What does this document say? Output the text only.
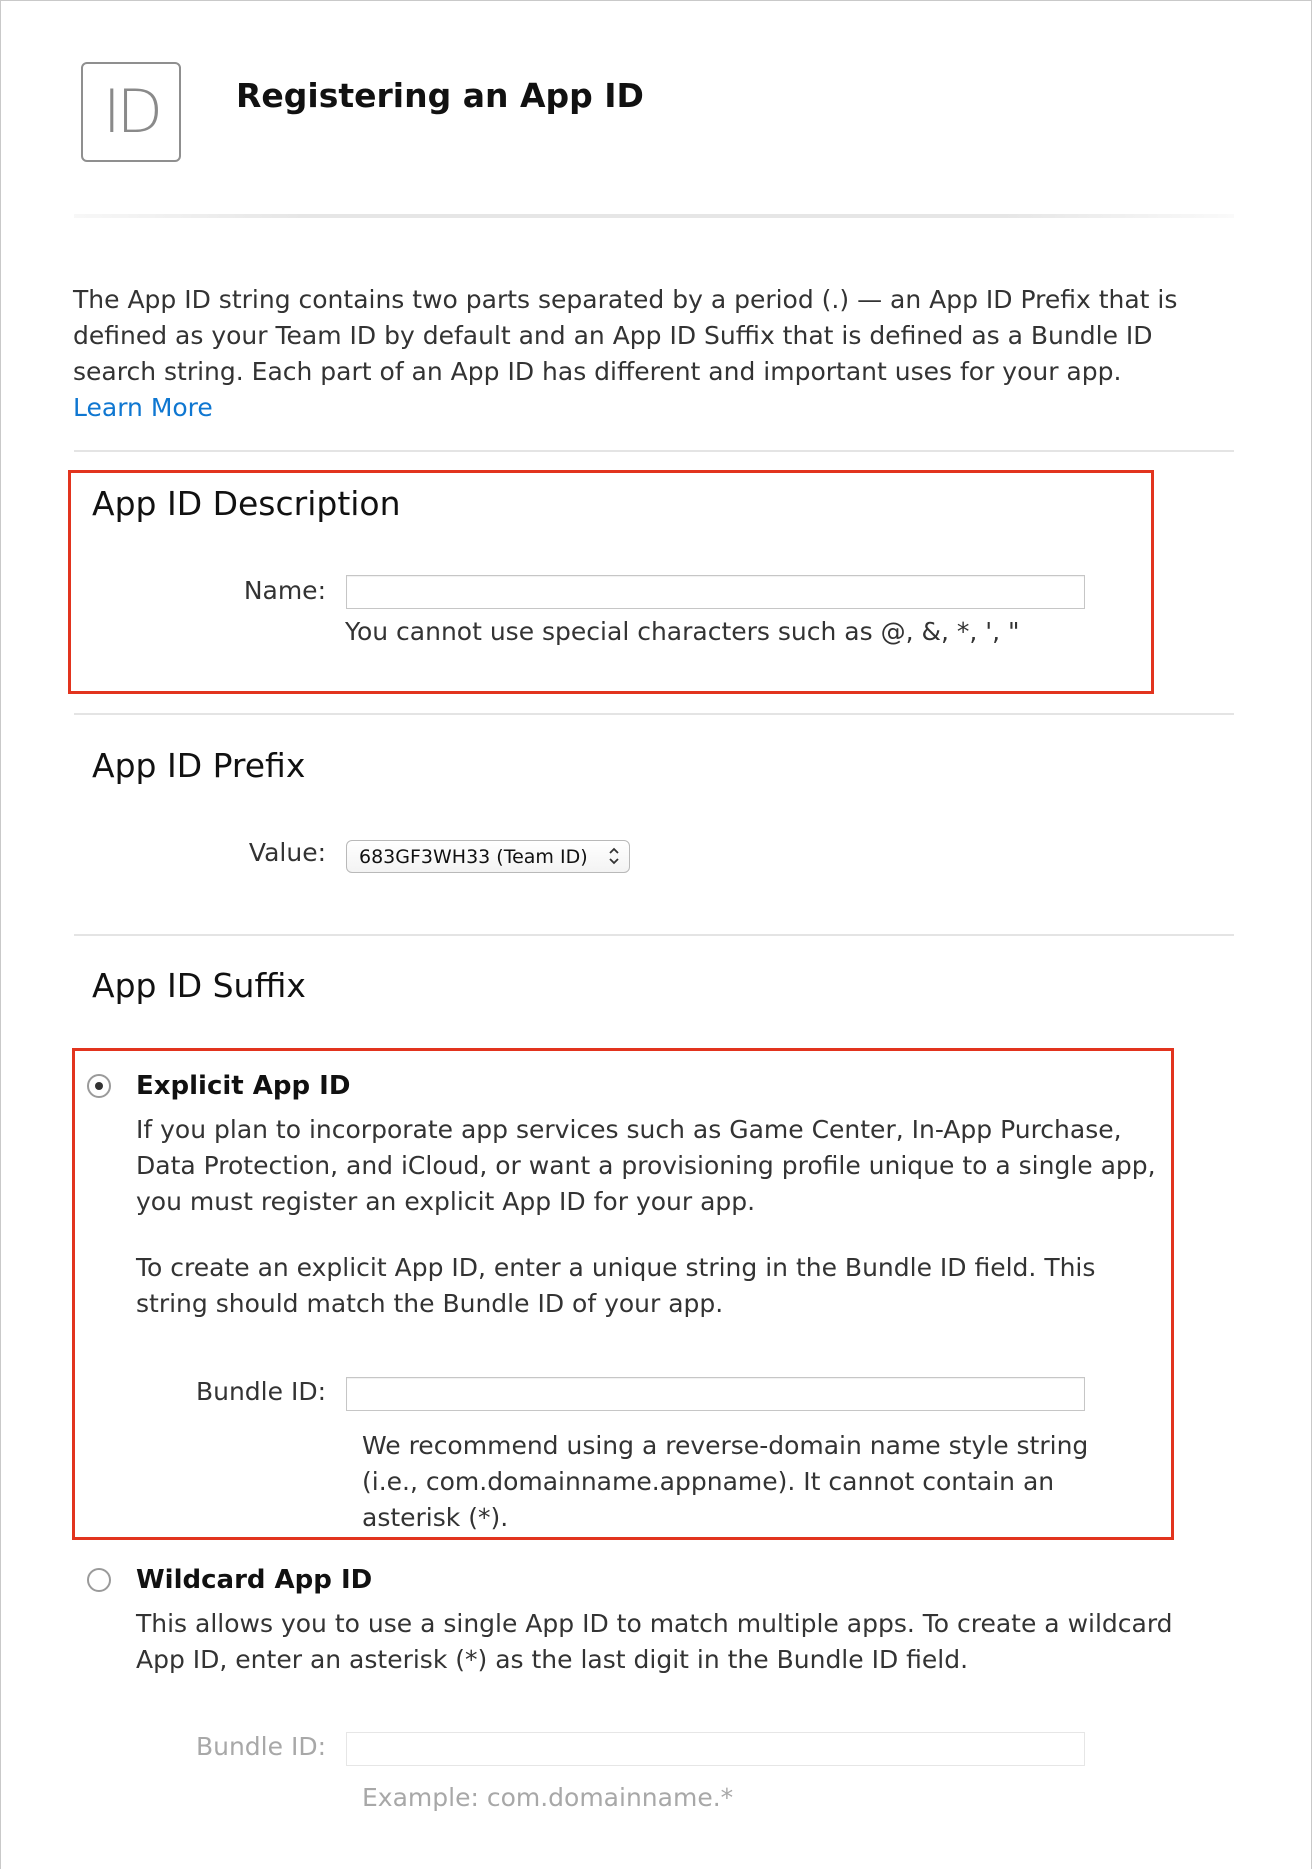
ID Registering an App ID
The App ID string contains two parts separated by a period (.) — an App ID Prefix that is defined as your Team ID by default and an App ID Suffix that is defined as a Bundle ID search string. Each part of an App ID has different and important uses for your app. Learn More
App ID Description
Name:
You cannot use special characters such as @, &, *, ', "
App ID Prefix
Value: 683GF3WH33 (Team ID)
App ID Suffix
Explicit App ID
If you plan to incorporate app services such as Game Center, In-App Purchase, Data Protection, and iCloud, or want a provisioning profile unique to a single app, you must register an explicit App ID for your app.
To create an explicit App ID, enter a unique string in the Bundle ID field. This string should match the Bundle ID of your app.
Bundle ID:
We recommend using a reverse-domain name style string (i.e., com.domainname.appname). It cannot contain an asterisk (*).
Wildcard App ID
This allows you to use a single App ID to match multiple apps. To create a wildcard App ID, enter an asterisk (*) as the last digit in the Bundle ID field.
Bundle ID:
Example: com.domainname.*
